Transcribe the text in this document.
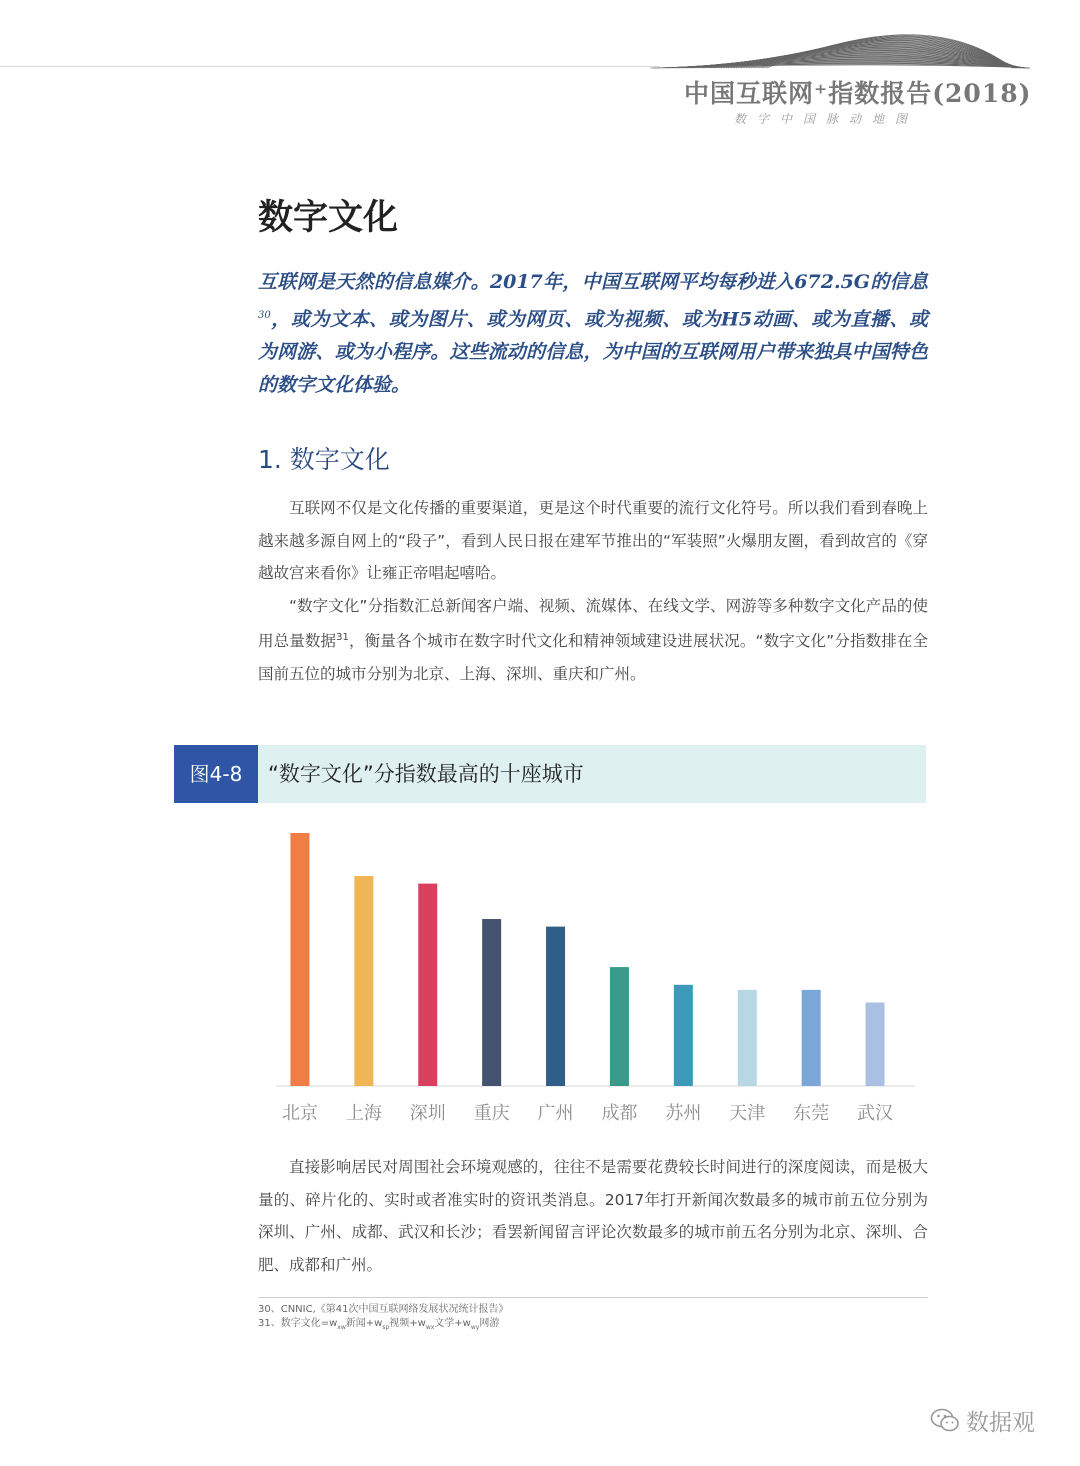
中国互联网⁺指数报告(2018)
数字中国脉动地图
数字文化
互联网是天然的信息媒介。2017年，中国互联网平均每秒进入672.5G的信息$^{30}$，或为文本、或为图片、或为网页、或为视频、或为H5动画、或为直播、或为网游、或为小程序。这些流动的信息，为中国的互联网用户带来独具中国特色的数字文化体验。
1. 数字文化

互联网不仅是文化传播的重要渠道，更是这个时代重要的流行文化符号。所以我们看到春晚上越来越多源自网上的“段子”，看到人民日报在建军节推出的“军装照”火爆朋友圈，看到故宫的《穿越故宫来看你》让雍正帝唱起嘻哈。

“数字文化”分指数汇总新闻客户端、视频、流媒体、在线文学、网游等多种数字文化产品的使用总量数据$^{31}$，衡量各个城市在数字时代文化和精神领域建设进展状况。“数字文化”分指数排在全国前五位的城市分别为北京、上海、深圳、重庆和广州。

图4-8	“数字文化”分指数最高的十座城市
北京 上海 深圳 重庆 广州 成都 苏州 天津 东莞 武汉

直接影响居民对周围社会环境观感的，往往不是需要花费较长时间进行的深度阅读，而是极大量的、碎片化的、实时或者准实时的资讯类消息。2017年打开新闻次数最多的城市前五位分别为深圳、广州、成都、武汉和长沙；看罢新闻留言评论次数最多的城市前五名分别为北京、深圳、合肥、成都和广州。

30、CNNIC,《第41次中国互联网络发展状况统计报告》
31、数字文化$=w_{xw}$新闻$+w_{sp}$视频$+w_{wx}$文学$+w_{wy}$网游
数据观
